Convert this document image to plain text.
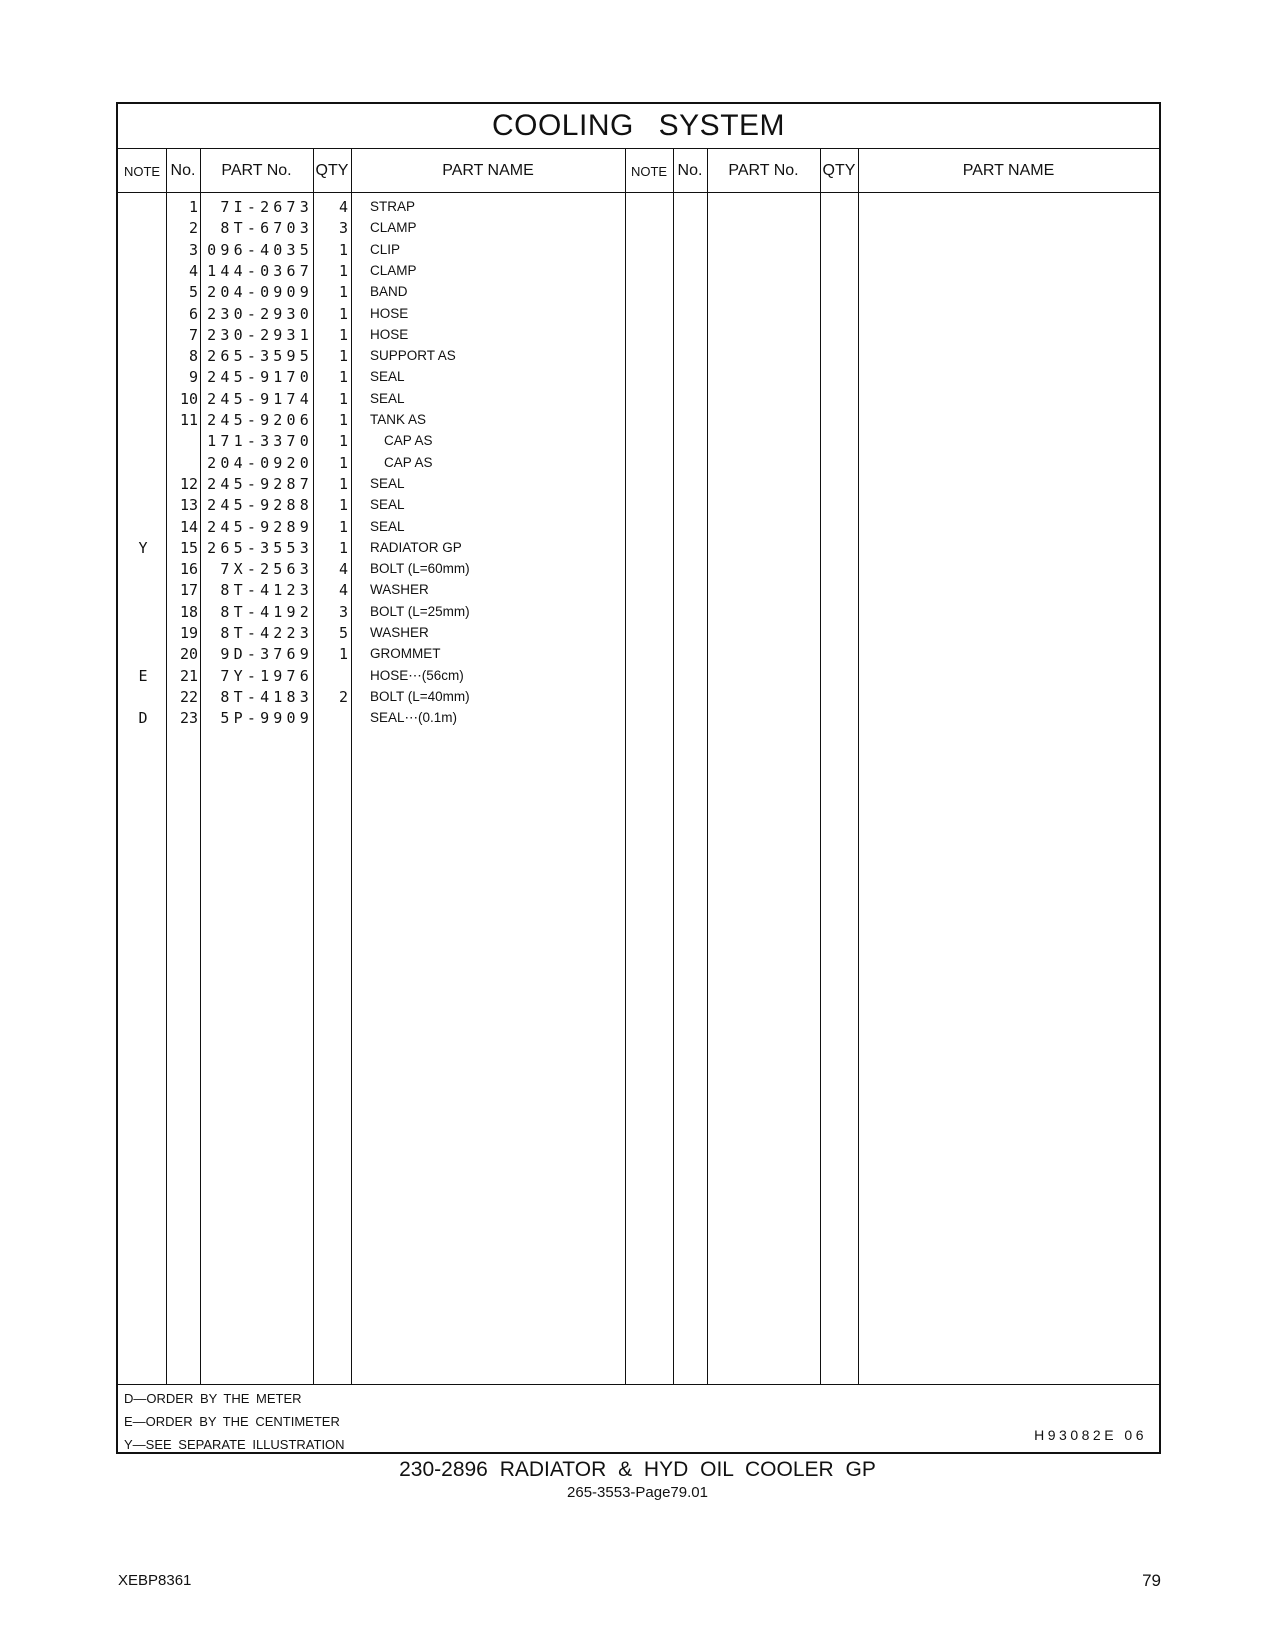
COOLING SYSTEM
NOTE No.	PART No.	QTY	PART NAME	NOTE No.	PART No.	QTY	PART NAME
1	7I-2673	4 STRAP
2	8T-6703	3 CLAMP
3 096-4035	1 CLIP
4 144-0367	1 CLAMP
5 204-0909	1 BAND
6 230-2930	1 HOSE
7 230-2931	1 HOSE
8 265-3595	1 SUPPORT AS
9 245-9170	1 SEAL
10 245-9174	1 SEAL
11 245-9206	1 TANK AS
171-3370	1	CAP AS
204-0920	1	CAP AS
12 245-9287	1 SEAL
13 245-9288	1 SEAL
14 245-9289	1 SEAL
Y	15 265-3553	1 RADIATOR GP
16	7X-2563	4 BOLT (L=60mm)
17	8T-4123	4 WASHER
18	8T-4192	3 BOLT (L=25mm)
19	8T-4223	5 WASHER
20	9D-3769	1 GROMMET
E	21	7Y-1976	HOSE⋯(56cm)
22	8T-4183	2 BOLT (L=40mm)
D	23	5P-9909	SEAL⋯(0.1m)
D—ORDER BY THE METER
E—ORDER BY THE CENTIMETER
Y—SEE SEPARATE ILLUSTRATION
H93082E 06
230‐2896 RADIATOR & HYD OIL COOLER GP
265‐3553‐Page79.01
XEBP8361	79
